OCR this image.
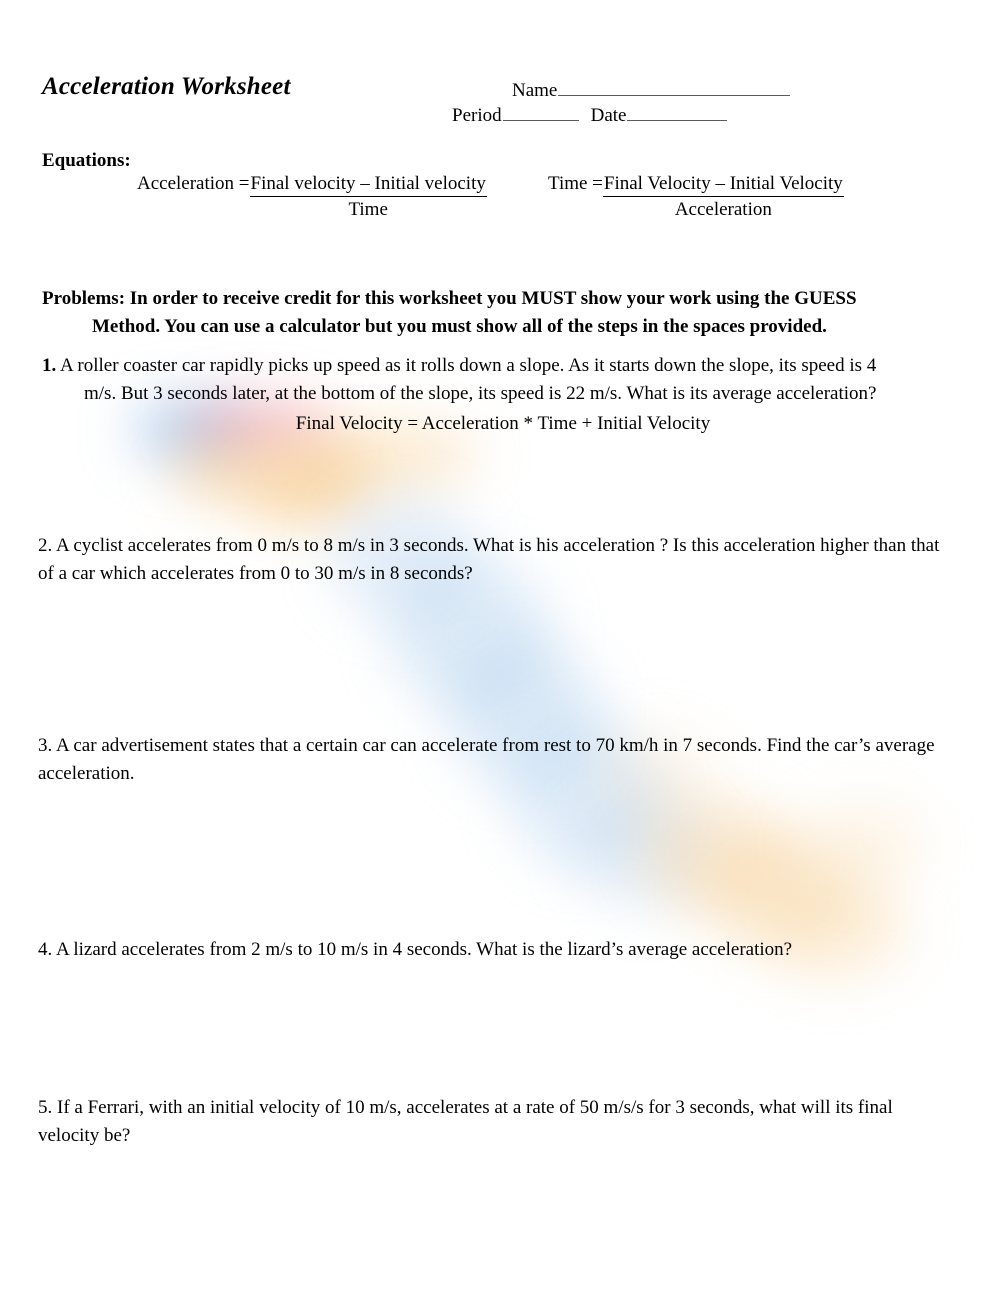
Acceleration Worksheet	Name
Period	Date
Equations:
Acceleration = $\frac{\text{Final velocity – Initial velocity}}{\text{Time}}$	Time = $\frac{\text{Final Velocity – Initial Velocity}}{\text{Acceleration}}$
Final Velocity = Acceleration * Time + Initial Velocity
Problems: In order to receive credit for this worksheet you MUST show your work using the GUESS
Method. You can use a calculator but you must show all of the steps in the spaces provided.
1. A roller coaster car rapidly picks up speed as it rolls down a slope. As it starts down the slope, its speed is 4
m/s. But 3 seconds later, at the bottom of the slope, its speed is 22 m/s. What is its average acceleration?
2. A cyclist accelerates from 0 m/s to 8 m/s in 3 seconds. What is his acceleration ? Is this acceleration higher than that of a car which accelerates from 0 to 30 m/s in 8 seconds?
3. A car advertisement states that a certain car can accelerate from rest to 70 km/h in 7 seconds. Find the car’s average acceleration.
4. A lizard accelerates from 2 m/s to 10 m/s in 4 seconds. What is the lizard’s average acceleration?
5. If a Ferrari, with an initial velocity of 10 m/s, accelerates at a rate of 50 m/s/s for 3 seconds, what will its final velocity be?
